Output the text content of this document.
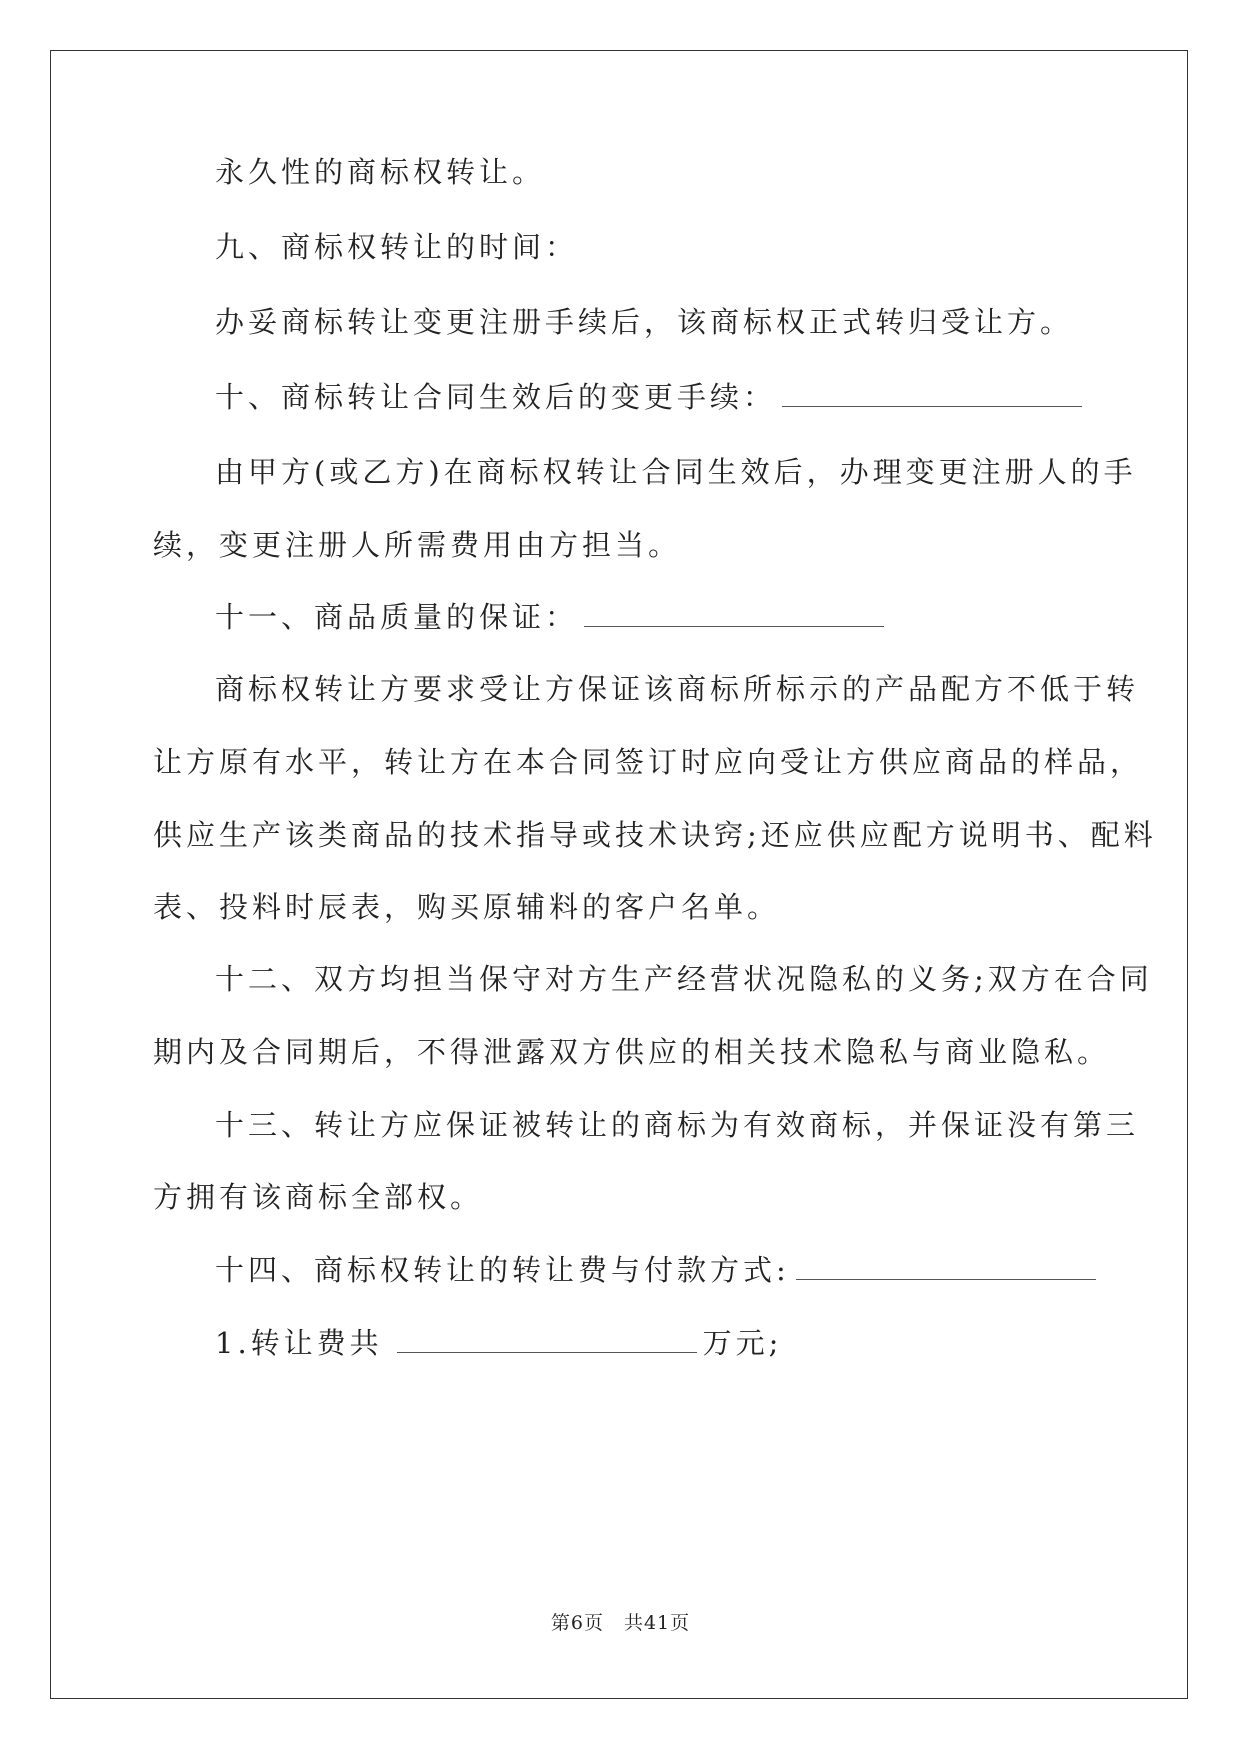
永久性的商标权转让。
九、商标权转让的时间：
办妥商标转让变更注册手续后，该商标权正式转归受让方。
十、商标转让合同生效后的变更手续：
由甲方(或乙方)在商标权转让合同生效后，办理变更注册人的手
续，变更注册人所需费用由方担当。
十一、商品质量的保证：
商标权转让方要求受让方保证该商标所标示的产品配方不低于转
让方原有水平，转让方在本合同签订时应向受让方供应商品的样品，
供应生产该类商品的技术指导或技术诀窍;还应供应配方说明书、配料
表、投料时辰表，购买原辅料的客户名单。
十二、双方均担当保守对方生产经营状况隐私的义务;双方在合同
期内及合同期后，不得泄露双方供应的相关技术隐私与商业隐私。
十三、转让方应保证被转让的商标为有效商标，并保证没有第三
方拥有该商标全部权。
十四、商标权转让的转让费与付款方式:
1.转让费共	万元;
第6页　共41页
